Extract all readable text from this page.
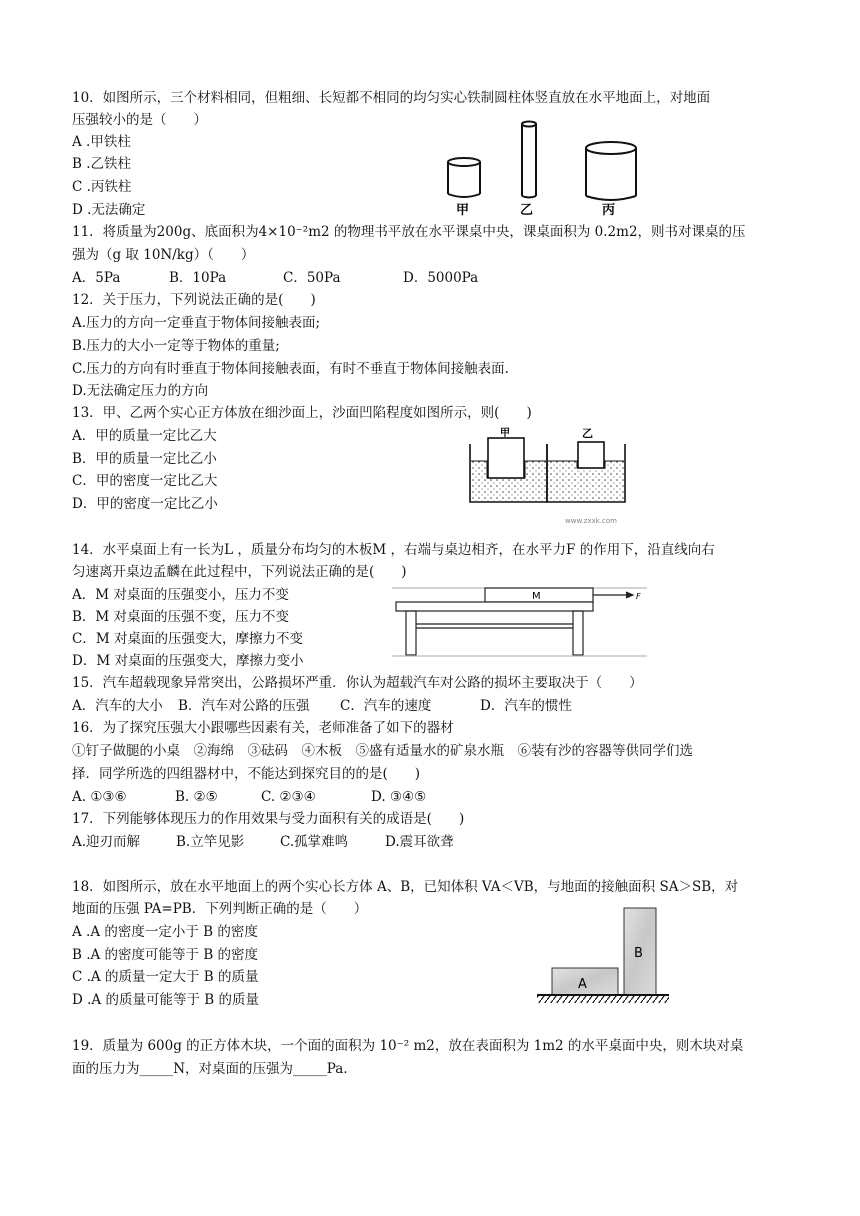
10．如图所示，三个材料相同，但粗细、长短都不相同的均匀实心铁制圆柱体竖直放在水平地面上，对地面
压强较小的是（　　）
A .甲铁柱
B .乙铁柱
C .丙铁柱
D .无法确定	甲	乙	丙
11．将质量为200g、底面积为4×10⁻²m2 的物理书平放在水平课桌中央，课桌面积为 0.2m2，则书对课桌的压
强为（g 取 10N/kg）（　　）
A．5Pa	B．10Pa	C．50Pa	D．5000Pa
12．关于压力，下列说法正确的是(　　)
A.压力的方向一定垂直于物体间接触表面;
B.压力的大小一定等于物体的重量;
C.压力的方向有时垂直于物体间接触表面，有时不垂直于物体间接触表面.
D.无法确定压力的方向
13．甲、乙两个实心正方体放在细沙面上，沙面凹陷程度如图所示，则(　　)
A．甲的质量一定比乙大
B．甲的质量一定比乙小
C．甲的密度一定比乙大
D．甲的密度一定比乙小
甲	乙
www.zxxk.com
14．水平桌面上有一长为L ，质量分布均匀的木板M ，右端与桌边相齐，在水平力F 的作用下，沿直线向右
匀速离开桌边孟麟在此过程中，下列说法正确的是(　　)
A．M 对桌面的压强变小，压力不变
B．M 对桌面的压强不变，压力不变
C．M 对桌面的压强变大，摩擦力不变
D．M 对桌面的压强变大，摩擦力变小
M	F
15．汽车超载现象异常突出，公路损坏严重．你认为超载汽车对公路的损坏主要取决于（　　）
A．汽车的大小	B．汽车对公路的压强	C．汽车的速度	D．汽车的惯性
16．为了探究压强大小跟哪些因素有关，老师准备了如下的器材
①钉子做腿的小桌　②海绵　③砝码　④木板　⑤盛有适量水的矿泉水瓶　⑥装有沙的容器等供同学们选
择．同学所选的四组器材中，不能达到探究目的的是(　　)
A. ①③⑥	B. ②⑤	C. ②③④	D. ③④⑤
17．下列能够体现压力的作用效果与受力面积有关的成语是(　　)
A.迎刃而解	B.立竿见影	C.孤掌难鸣	D.震耳欲聋
18．如图所示，放在水平地面上的两个实心长方体 A、B，已知体积 VA＜VB，与地面的接触面积 SA＞SB，对
地面的压强 PA=PB．下列判断正确的是（　　）
A .A 的密度一定小于 B 的密度
B .A 的密度可能等于 B 的密度
C .A 的质量一定大于 B 的质量
D .A 的质量可能等于 B 的质量
A
B
19．质量为 600g 的正方体木块，一个面的面积为 10⁻² m2，放在表面积为 1m2 的水平桌面中央，则木块对桌
面的压力为_____N，对桌面的压强为_____Pa．
